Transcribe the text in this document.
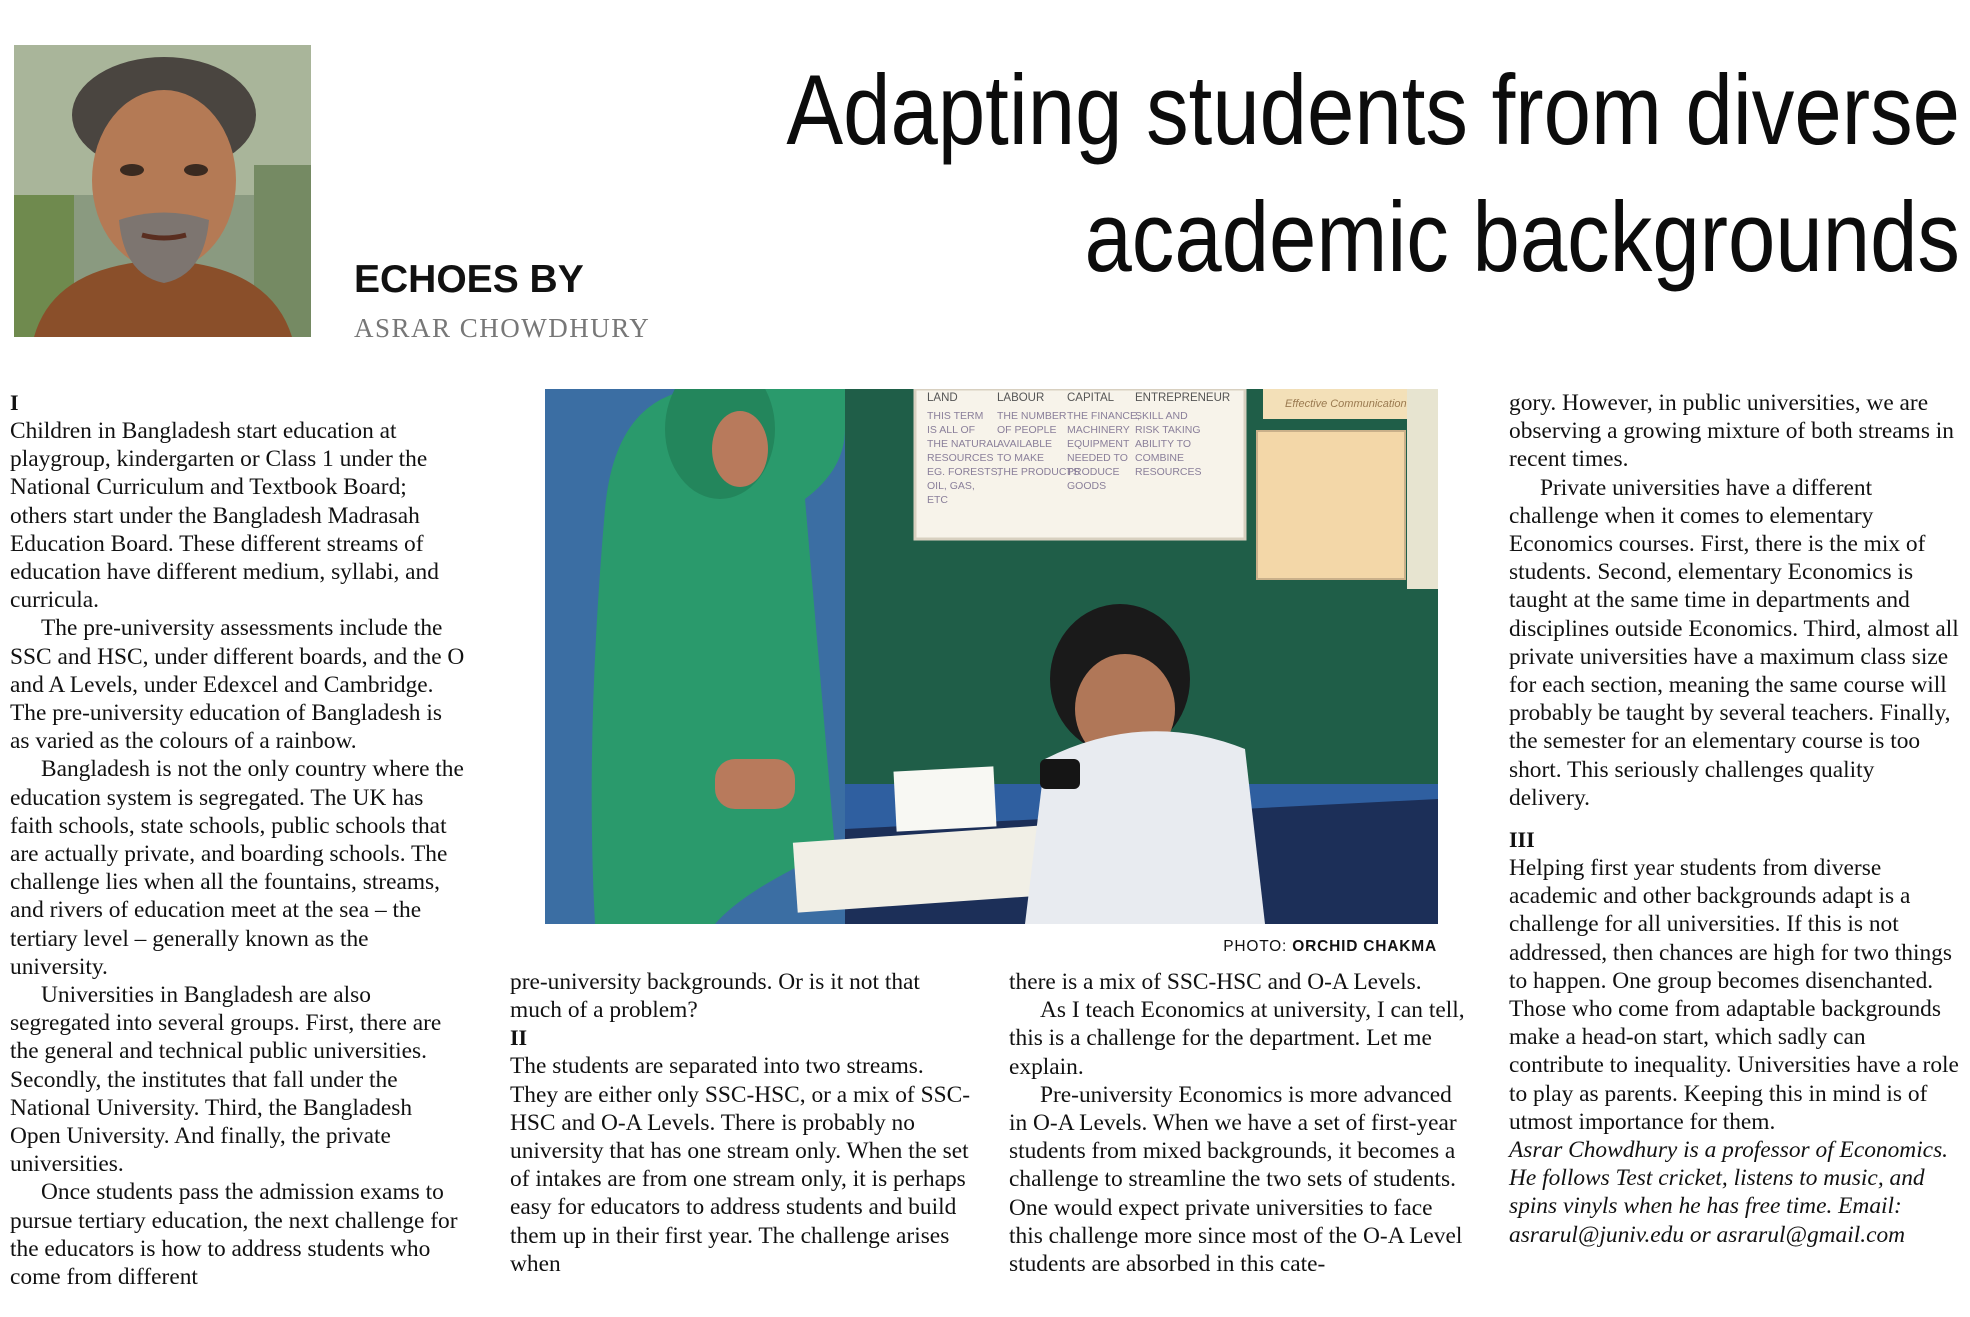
ECHOES BY
ASRAR CHOWDHURY
Adapting students from diverse
academic backgrounds
I

Children in Bangladesh start education at playgroup, kindergarten or Class 1 under the National Curriculum and Textbook Board; others start under the Bangladesh Madrasah Education Board. These different streams of education have different medium, syllabi, and curricula.

The pre-university assessments include the SSC and HSC, under different boards, and the O and A Levels, under Edexcel and Cambridge. The pre-university education of Bangladesh is as varied as the colours of a rainbow.

Bangladesh is not the only country where the education system is segregated. The UK has faith schools, state schools, public schools that are actually private, and boarding schools. The challenge lies when all the fountains, streams, and rivers of education meet at the sea – the tertiary level – generally known as the university.

Universities in Bangladesh are also segregated into several groups. First, there are the general and technical public universities. Secondly, the institutes that fall under the National University. Third, the Bangladesh Open University. And finally, the private universities.

Once students pass the admission exams to pursue tertiary education, the next challenge for the educators is how to address students who come from different

LAND	LABOUR CAPITAL ENTREPRENEUR
THIS TERM
IS ALL OF
THE NATURAL
RESOURCES
EG. FORESTS,
OIL, GAS,
ETC
THE NUMBER
OF PEOPLE
AVAILABLE
TO MAKE
THE PRODUCTS
THE FINANCE,
MACHINERY
EQUIPMENT
NEEDED TO
PRODUCE
GOODS
SKILL AND
RISK TAKING
ABILITY TO
COMBINE
RESOURCES
Effective Communication
PHOTO: ORCHID CHAKMA

pre-university backgrounds. Or is it not that much of a problem?

II

The students are separated into two streams. They are either only SSC-HSC, or a mix of SSC-HSC and O-A Levels. There is probably no university that has one stream only. When the set of intakes are from one stream only, it is perhaps easy for educators to address students and build them up in their first year. The challenge arises when

there is a mix of SSC-HSC and O-A Levels.

As I teach Economics at university, I can tell, this is a challenge for the department. Let me explain.

Pre-university Economics is more advanced in O-A Levels. When we have a set of first-year students from mixed backgrounds, it becomes a challenge to streamline the two sets of students. One would expect private universities to face this challenge more since most of the O-A Level students are absorbed in this cate-

gory. However, in public universities, we are observing a growing mixture of both streams in recent times.

Private universities have a different challenge when it comes to elementary Economics courses. First, there is the mix of students. Second, elementary Economics is taught at the same time in departments and disciplines outside Economics. Third, almost all private universities have a maximum class size for each section, meaning the same course will probably be taught by several teachers. Finally, the semester for an elementary course is too short. This seriously challenges quality delivery.

III

Helping first year students from diverse academic and other backgrounds adapt is a challenge for all universities. If this is not addressed, then chances are high for two things to happen. One group becomes disenchanted. Those who come from adaptable backgrounds make a head-on start, which sadly can contribute to inequality. Universities have a role to play as parents. Keeping this in mind is of utmost importance for them.

Asrar Chowdhury is a professor of Economics. He follows Test cricket, listens to music, and spins vinyls when he has free time. Email: asrarul@juniv.edu or asrarul@gmail.com
